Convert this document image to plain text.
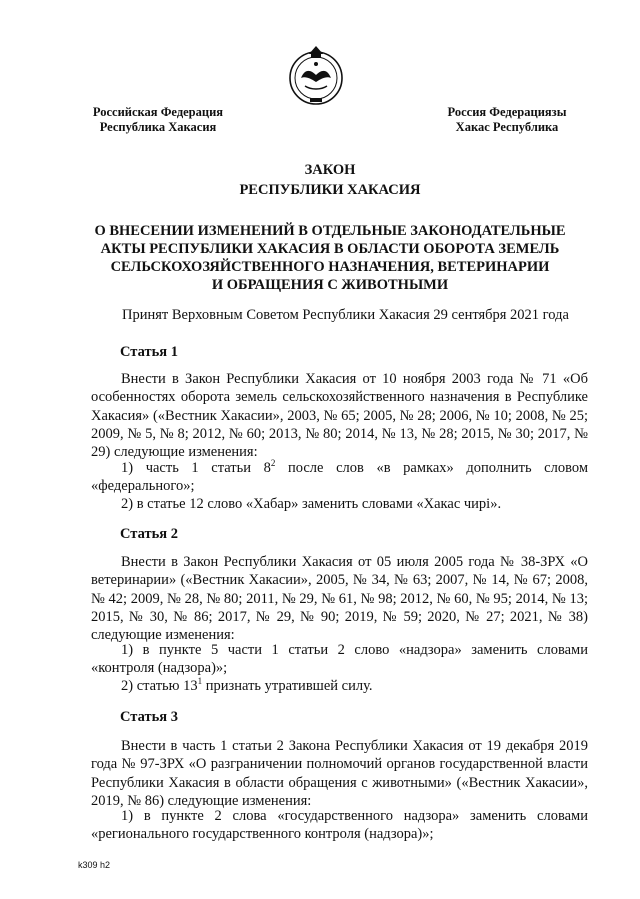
Российская Федерация
Республика Хакасия
Россия Федерациязы
Хакас Республика
ЗАКОН
РЕСПУБЛИКИ ХАКАСИЯ
О ВНЕСЕНИИ ИЗМЕНЕНИЙ В ОТДЕЛЬНЫЕ ЗАКОНОДАТЕЛЬНЫЕ
АКТЫ РЕСПУБЛИКИ ХАКАСИЯ В ОБЛАСТИ ОБОРОТА ЗЕМЕЛЬ
СЕЛЬСКОХОЗЯЙСТВЕННОГО НАЗНАЧЕНИЯ, ВЕТЕРИНАРИИ
И ОБРАЩЕНИЯ С ЖИВОТНЫМИ
Принят Верховным Советом Республики Хакасия 29 сентября 2021 года
Статья 1
Внести в Закон Республики Хакасия от 10 ноября 2003 года № 71 «Об особенностях оборота земель сельскохозяйственного назначения в Республике Хакасия» («Вестник Хакасии», 2003, № 65; 2005, № 28; 2006, № 10; 2008, № 25; 2009, № 5, № 8; 2012, № 60; 2013, № 80; 2014, № 13, № 28; 2015, № 30; 2017, № 29) следующие изменения:
1) часть 1 статьи $8^2$ после слов «в рамках» дополнить словом «федерального»;
2) в статье 12 слово «Хабар» заменить словами «Хакас чирі».
Статья 2
Внести в Закон Республики Хакасия от 05 июля 2005 года № 38-ЗРХ «О ветеринарии» («Вестник Хакасии», 2005, № 34, № 63; 2007, № 14, № 67; 2008, № 42; 2009, № 28, № 80; 2011, № 29, № 61, № 98; 2012, № 60, № 95; 2014, № 13; 2015, № 30, № 86; 2017, № 29, № 90; 2019, № 59; 2020, № 27; 2021, № 38) следующие изменения:
1) в пункте 5 части 1 статьи 2 слово «надзора» заменить словами «контроля (надзора)»;
2) статью $13^1$ признать утратившей силу.
Статья 3
Внести в часть 1 статьи 2 Закона Республики Хакасия от 19 декабря 2019 года № 97-ЗРХ «О разграничении полномочий органов государственной власти Республики Хакасия в области обращения с животными» («Вестник Хакасии», 2019, № 86) следующие изменения:
1) в пункте 2 слова «государственного надзора» заменить словами «регионального государственного контроля (надзора)»;
k309 h2
